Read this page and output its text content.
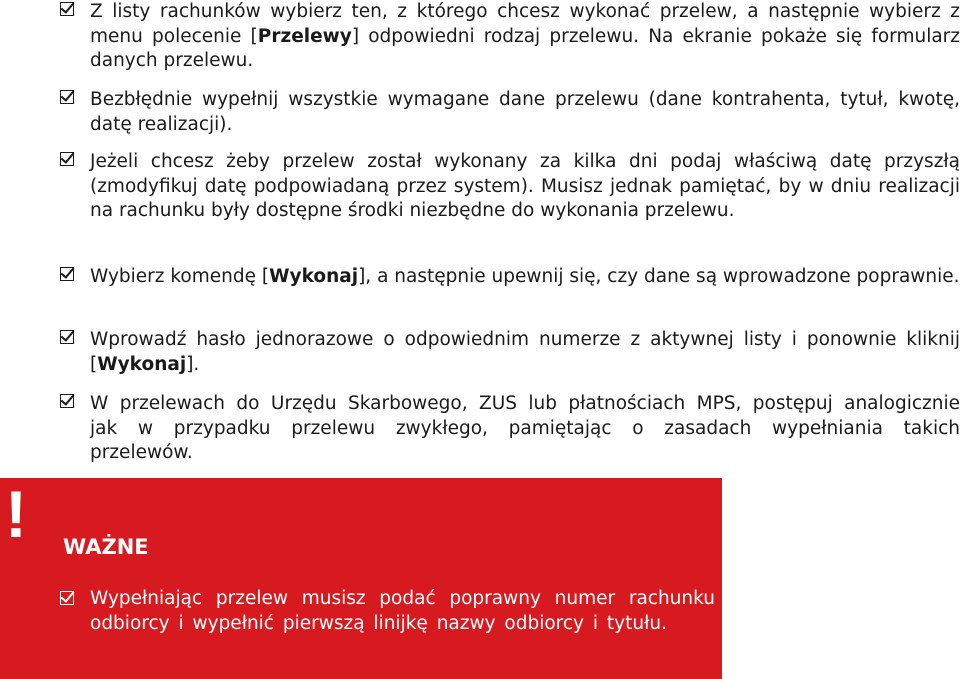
Z listy rachunków wybierz ten, z którego chcesz wykonać przelew, a następnie wybierz z menu polecenie [Przelewy] odpowiedni rodzaj przelewu. Na ekranie pokaże się formularz danych przelewu.
Bezbłędnie wypełnij wszystkie wymagane dane przelewu (dane kontrahenta, tytuł, kwotę, datę realizacji).
Jeżeli chcesz żeby przelew został wykonany za kilka dni podaj właściwą datę przyszłą (zmodyfikuj datę podpowiadaną przez system). Musisz jednak pamiętać, by w dniu realizacji na rachunku były dostępne środki niezbędne do wykonania przelewu.
Wybierz komendę [Wykonaj], a następnie upewnij się, czy dane są wprowadzone poprawnie.
Wprowadź hasło jednorazowe o odpowiednim numerze z aktywnej listy i ponownie kliknij [Wykonaj].
W przelewach do Urzędu Skarbowego, ZUS lub płatnościach MPS, postępuj analogicznie jak w przypadku przelewu zwykłego, pamiętając o zasadach wypełniania takich przelewów.
! WAŻNE
Wypełniając przelew musisz podać poprawny numer rachunku odbiorcy i wypełnić pierwszą linijkę nazwy odbiorcy i tytułu.
